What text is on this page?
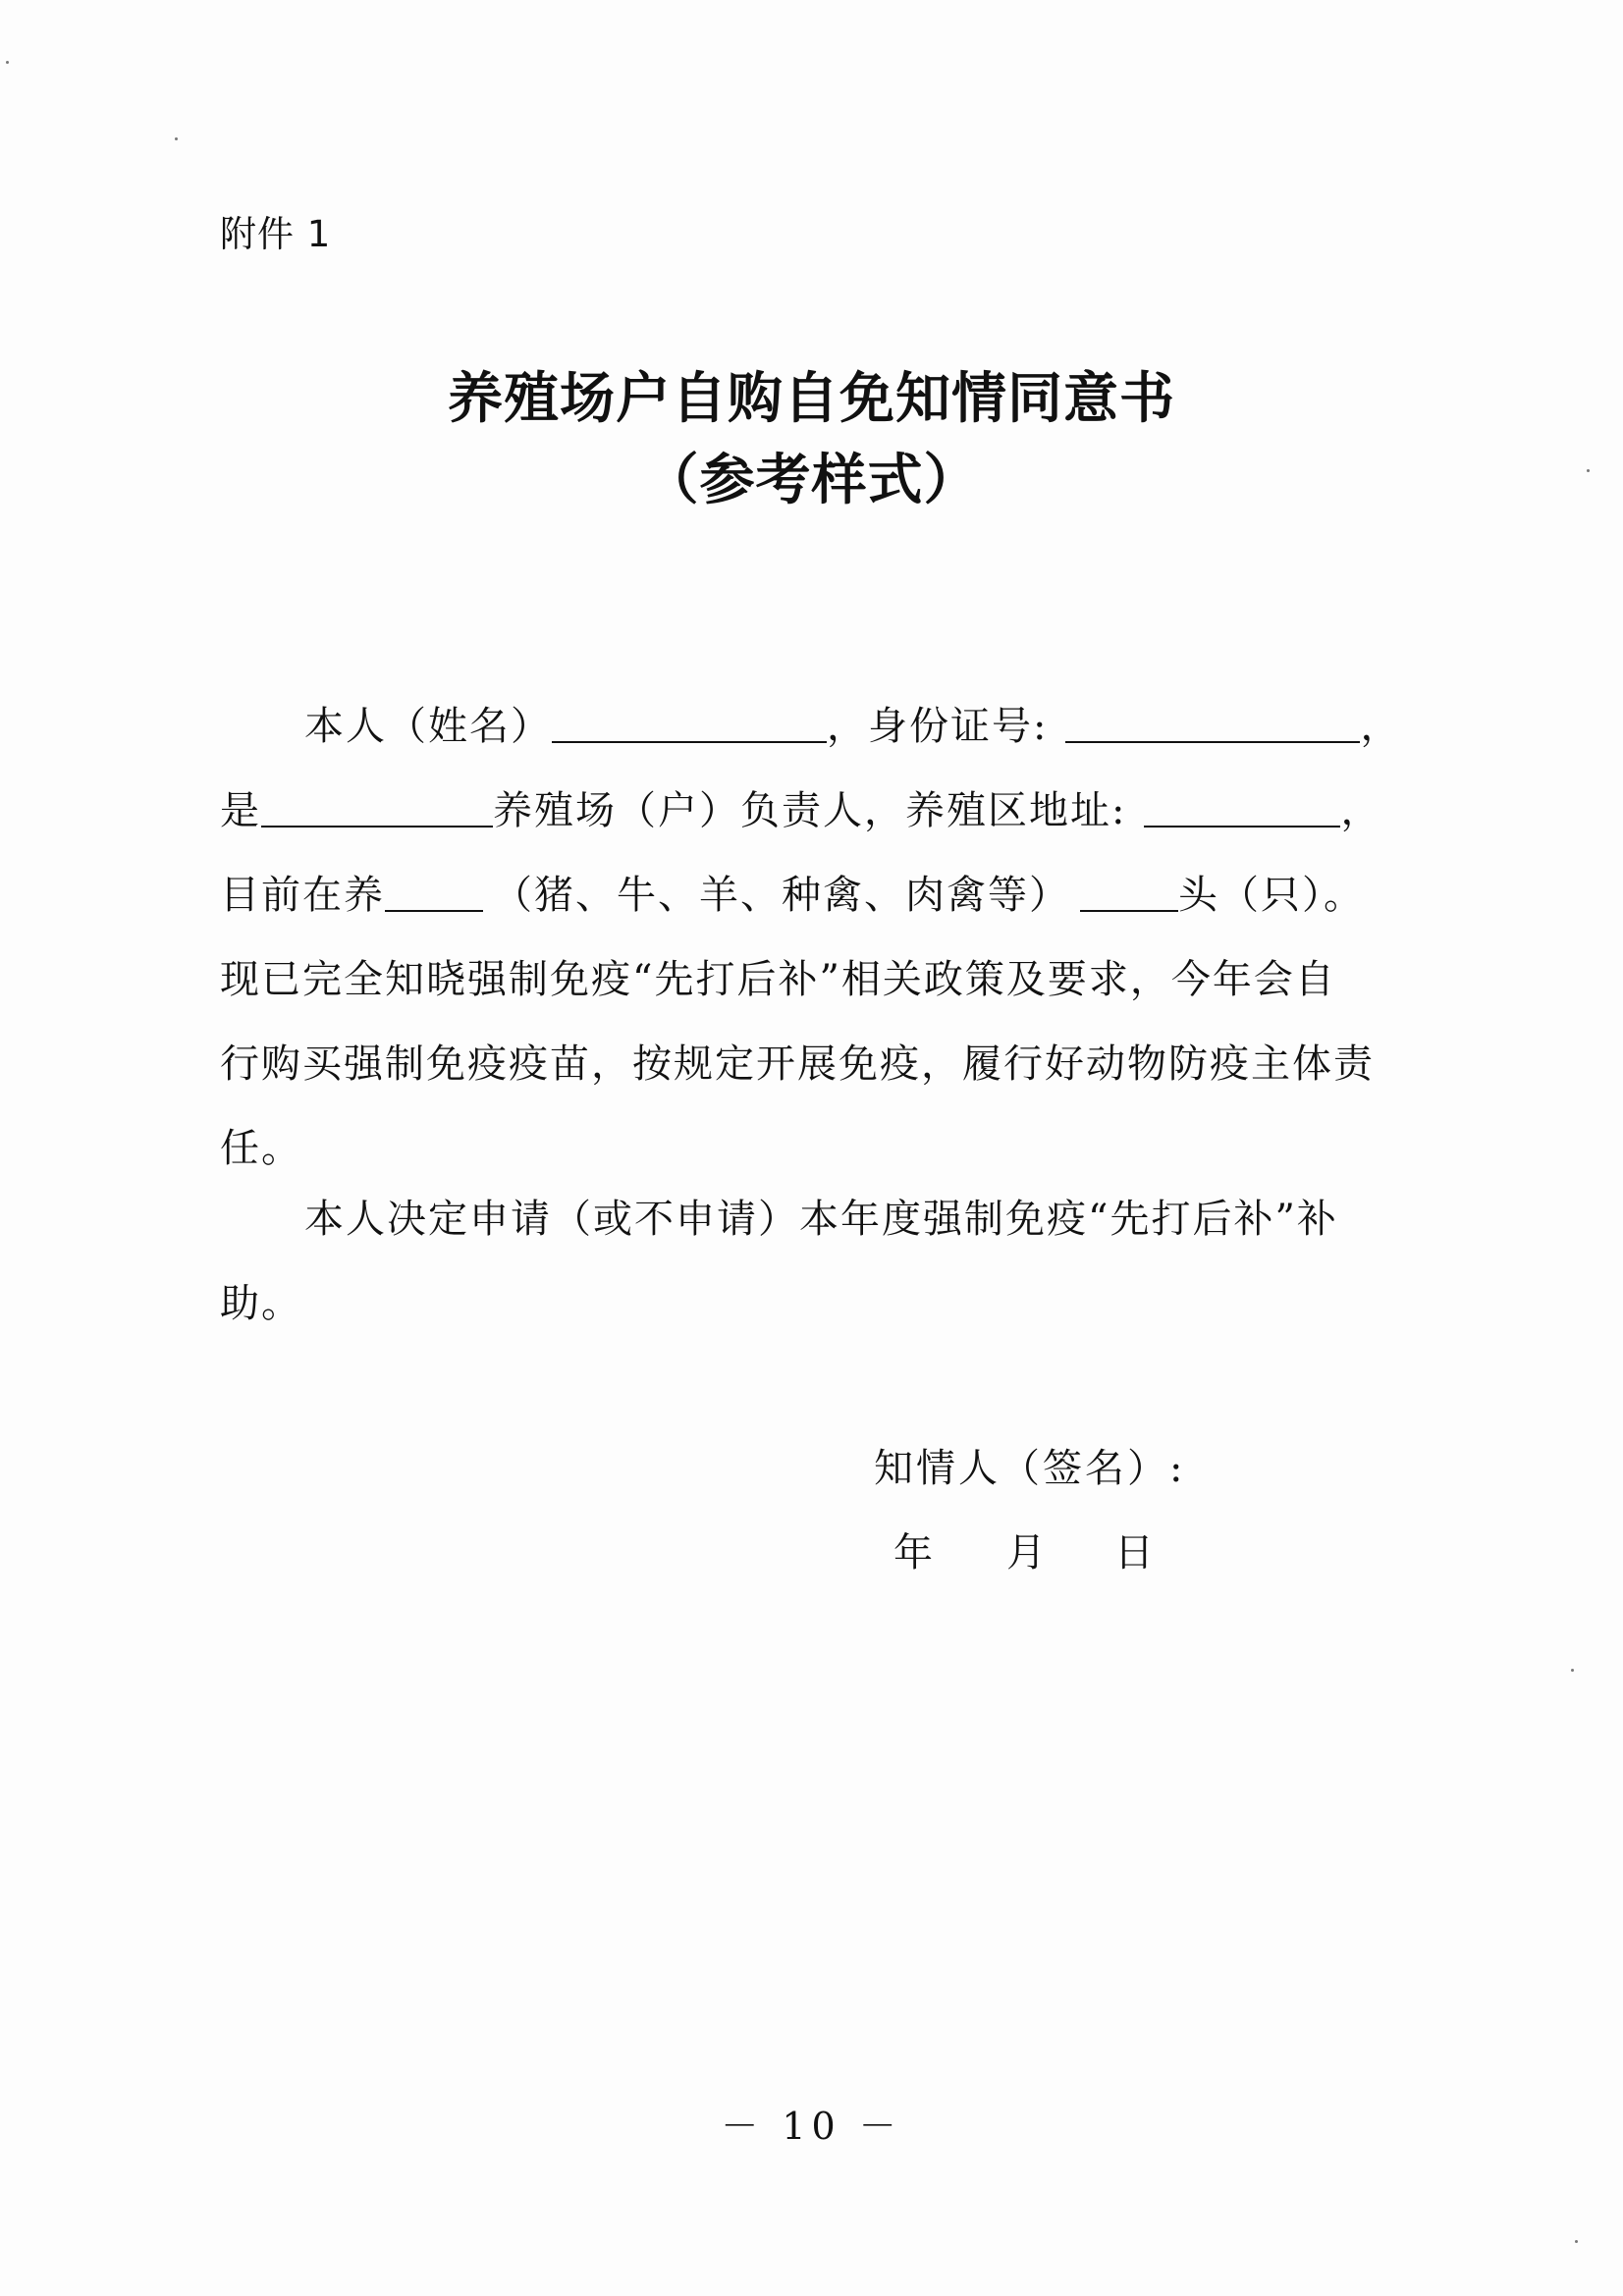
附件 1
养殖场户自购自免知情同意书
（参考样式）
本人（姓名）	，身份证号:	，
是	养殖场（户）负责人，养殖区地址:	，
目前在养	（猪、牛、羊、种禽、肉禽等）	头（只）。
现已完全知晓强制免疫“先打后补”相关政策及要求，今年会自
行购买强制免疫疫苗，按规定开展免疫，履行好动物防疫主体责
任。
本人决定申请（或不申请）本年度强制免疫“先打后补”补
助。
知情人（签名）:
年 月 日
－ 10 －
